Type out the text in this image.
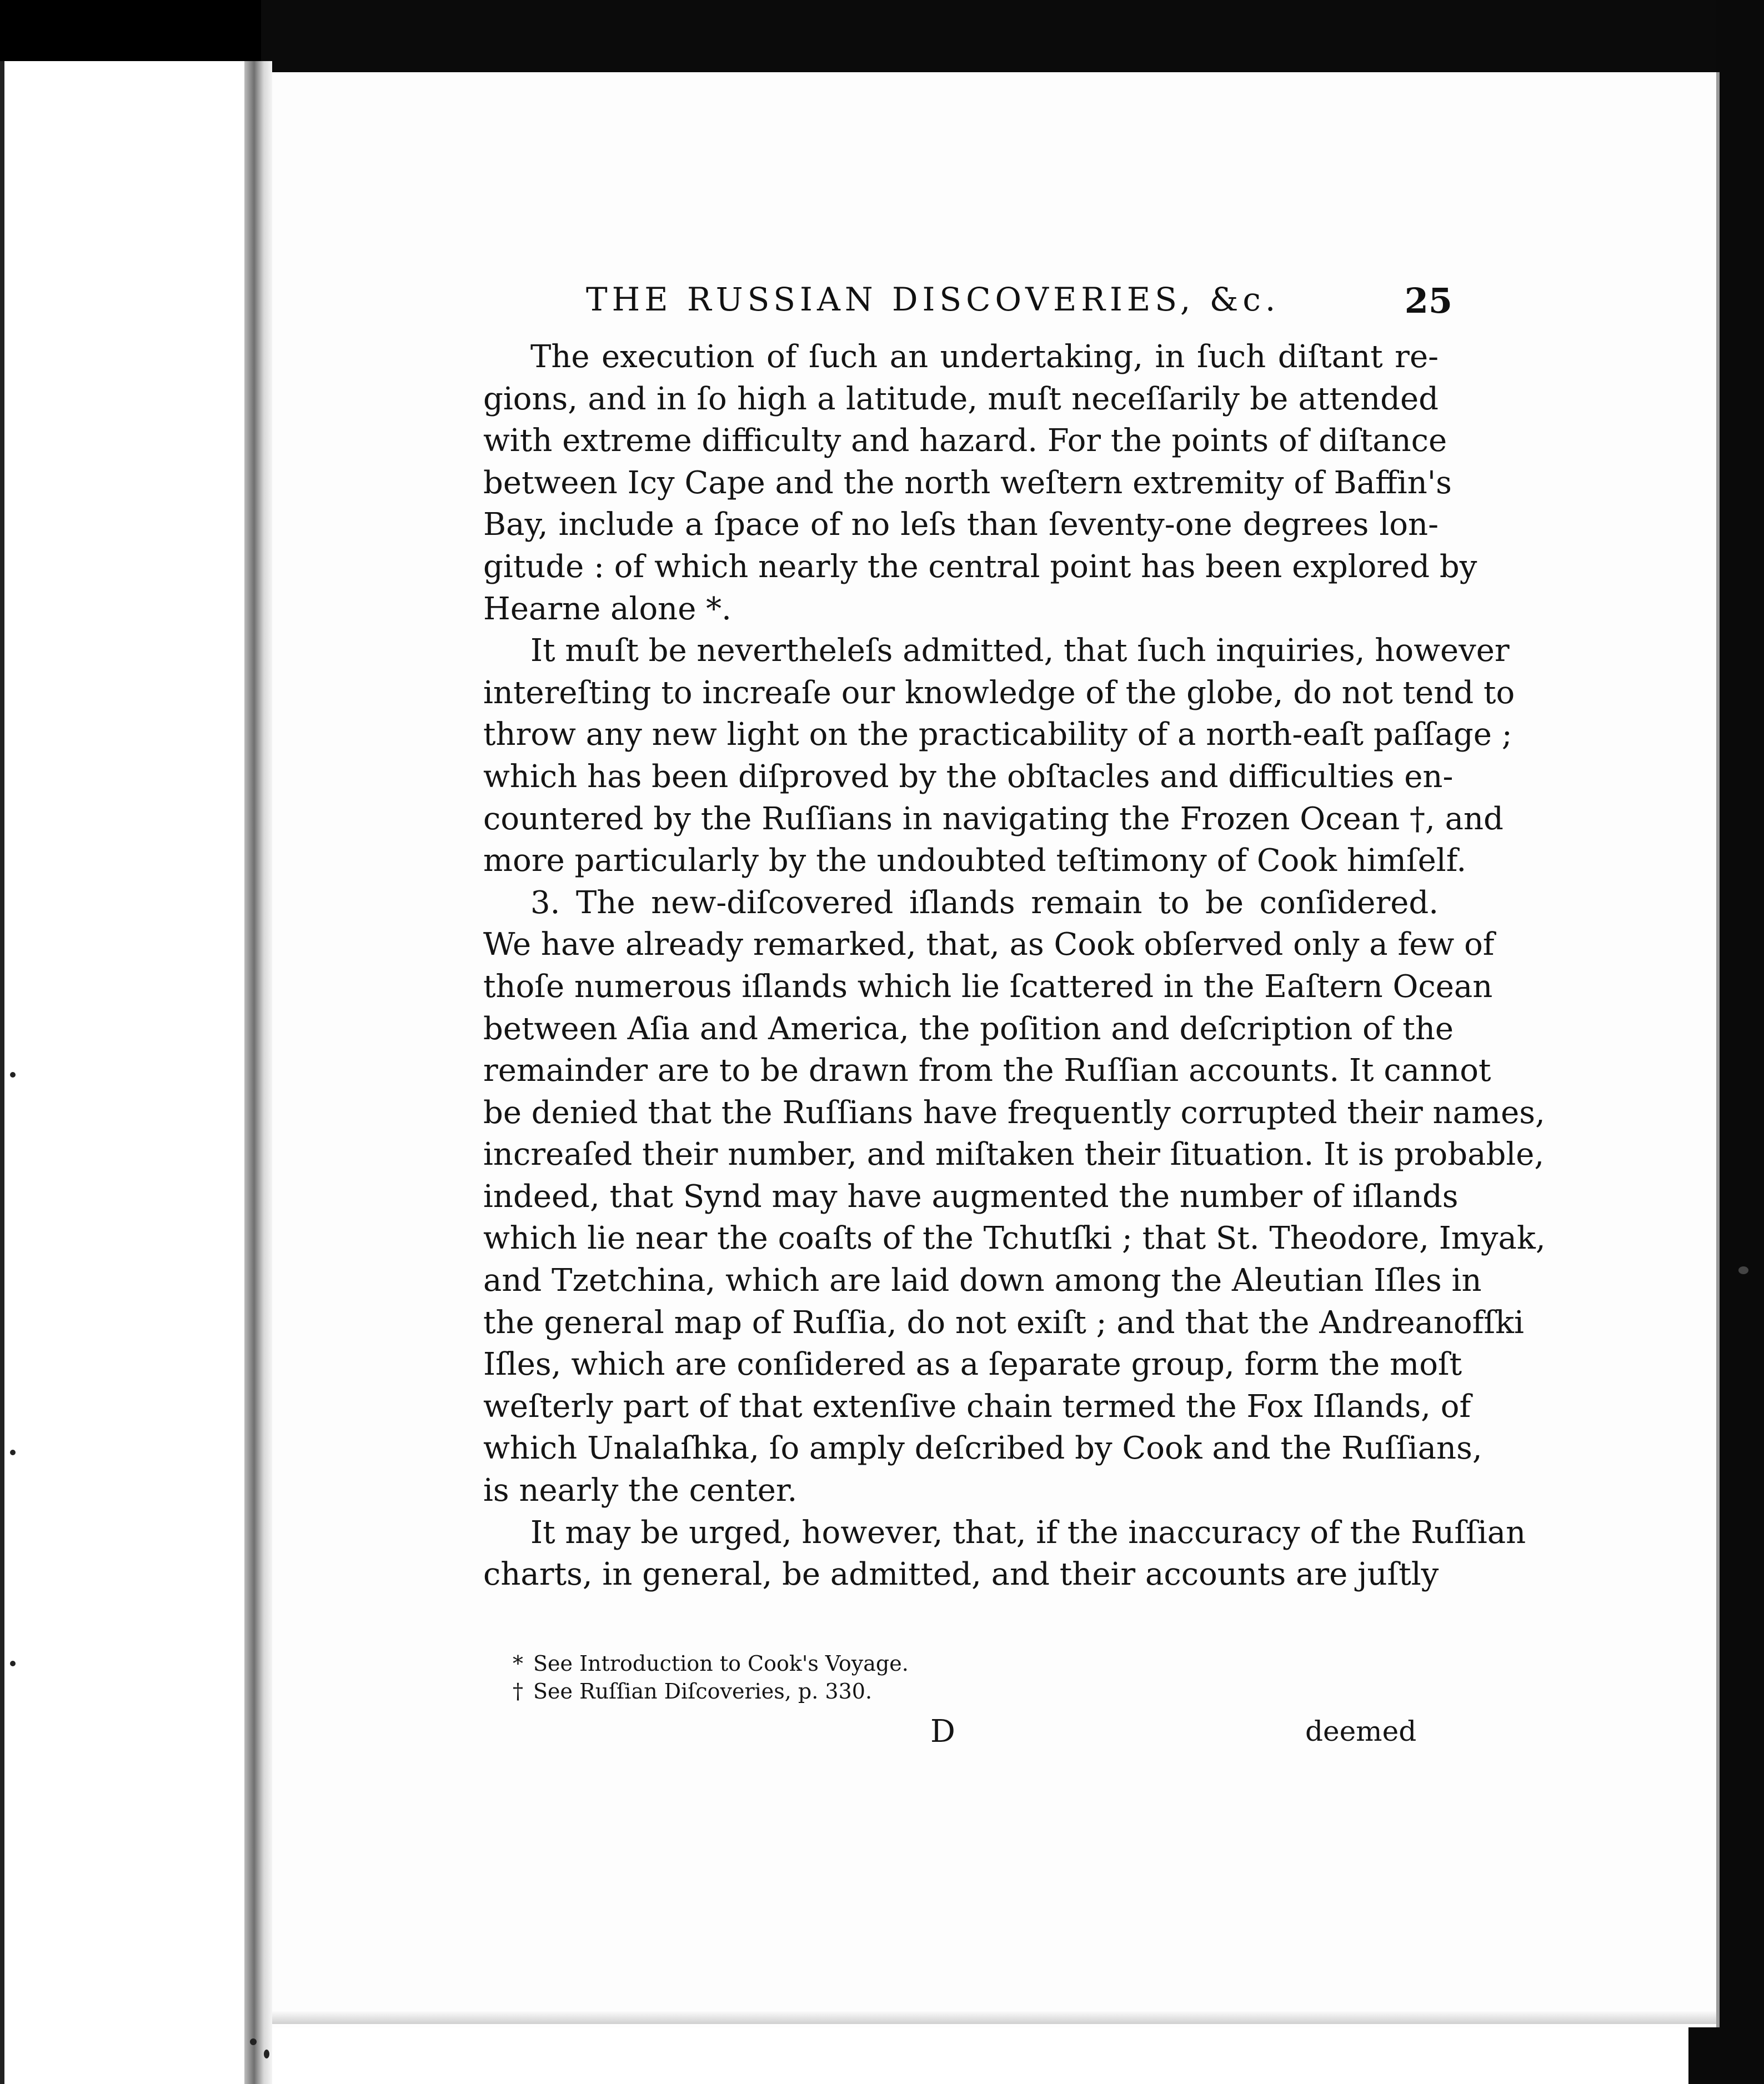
THE RUSSIAN DISCOVERIES, &c.	25
The execution of ſuch an undertaking, in ſuch diſtant re-
gions, and in ſo high a latitude, muſt neceſſarily be attended
with extreme difficulty and hazard. For the points of diſtance
between Icy Cape and the north weſtern extremity of Baffin's
Bay, include a ſpace of no leſs than ſeventy-one degrees lon-
gitude : of which nearly the central point has been explored by
Hearne alone *.
It muſt be nevertheleſs admitted, that ſuch inquiries, however
intereſting to increaſe our knowledge of the globe, do not tend to
throw any new light on the practicability of a north-eaſt paſſage ;
which has been diſproved by the obſtacles and difficulties en-
countered by the Ruſſians in navigating the Frozen Ocean †, and
more particularly by the undoubted teſtimony of Cook himſelf.
3. The new-diſcovered iſlands remain to be conſidered.
We have already remarked, that, as Cook obſerved only a few of
thoſe numerous iſlands which lie ſcattered in the Eaſtern Ocean
between Aſia and America, the poſition and deſcription of the
remainder are to be drawn from the Ruſſian accounts. It cannot
be denied that the Ruſſians have frequently corrupted their names,
increaſed their number, and miſtaken their ſituation. It is probable,
indeed, that Synd may have augmented the number of iſlands
which lie near the coaſts of the Tchutſki ; that St. Theodore, Imyak,
and Tzetchina, which are laid down among the Aleutian Iſles in
the general map of Ruſſia, do not exiſt ; and that the Andreanofſki
Iſles, which are conſidered as a ſeparate group, form the moſt
weſterly part of that extenſive chain termed the Fox Iſlands, of
which Unalaſhka, ſo amply deſcribed by Cook and the Ruſſians,
is nearly the center.
It may be urged, however, that, if the inaccuracy of the Ruſſian
charts, in general, be admitted, and their accounts are juſtly
* See Introduction to Cook's Voyage.
† See Ruſſian Diſcoveries, p. 330.
D	deemed
